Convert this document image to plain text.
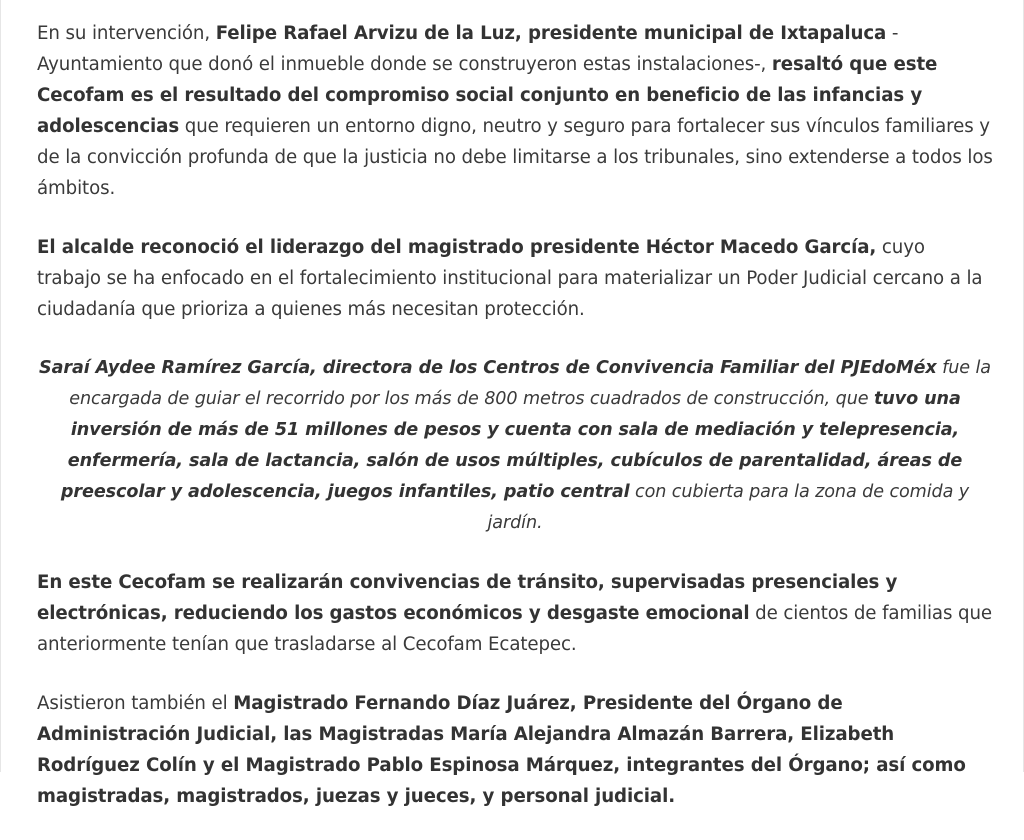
En su intervención, Felipe Rafael Arvizu de la Luz, presidente municipal de Ixtapaluca -Ayuntamiento que donó el inmueble donde se construyeron estas instalaciones-, resaltó que este Cecofam es el resultado del compromiso social conjunto en beneficio de las infancias y adolescencias que requieren un entorno digno, neutro y seguro para fortalecer sus vínculos familiares y de la convicción profunda de que la justicia no debe limitarse a los tribunales, sino extenderse a todos los ámbitos.

El alcalde reconoció el liderazgo del magistrado presidente Héctor Macedo García, cuyo trabajo se ha enfocado en el fortalecimiento institucional para materializar un Poder Judicial cercano a la ciudadanía que prioriza a quienes más necesitan protección.

Saraí Aydee Ramírez García, directora de los Centros de Convivencia Familiar del PJEdoMéx fue la encargada de guiar el recorrido por los más de 800 metros cuadrados de construcción, que tuvo una inversión de más de 51 millones de pesos y cuenta con sala de mediación y telepresencia, enfermería, sala de lactancia, salón de usos múltiples, cubículos de parentalidad, áreas de preescolar y adolescencia, juegos infantiles, patio central con cubierta para la zona de comida y jardín.

En este Cecofam se realizarán convivencias de tránsito, supervisadas presenciales y electrónicas, reduciendo los gastos económicos y desgaste emocional de cientos de familias que anteriormente tenían que trasladarse al Cecofam Ecatepec.

Asistieron también el Magistrado Fernando Díaz Juárez, Presidente del Órgano de Administración Judicial, las Magistradas María Alejandra Almazán Barrera, Elizabeth Rodríguez Colín y el Magistrado Pablo Espinosa Márquez, integrantes del Órgano; así como magistradas, magistrados, juezas y jueces, y personal judicial.
